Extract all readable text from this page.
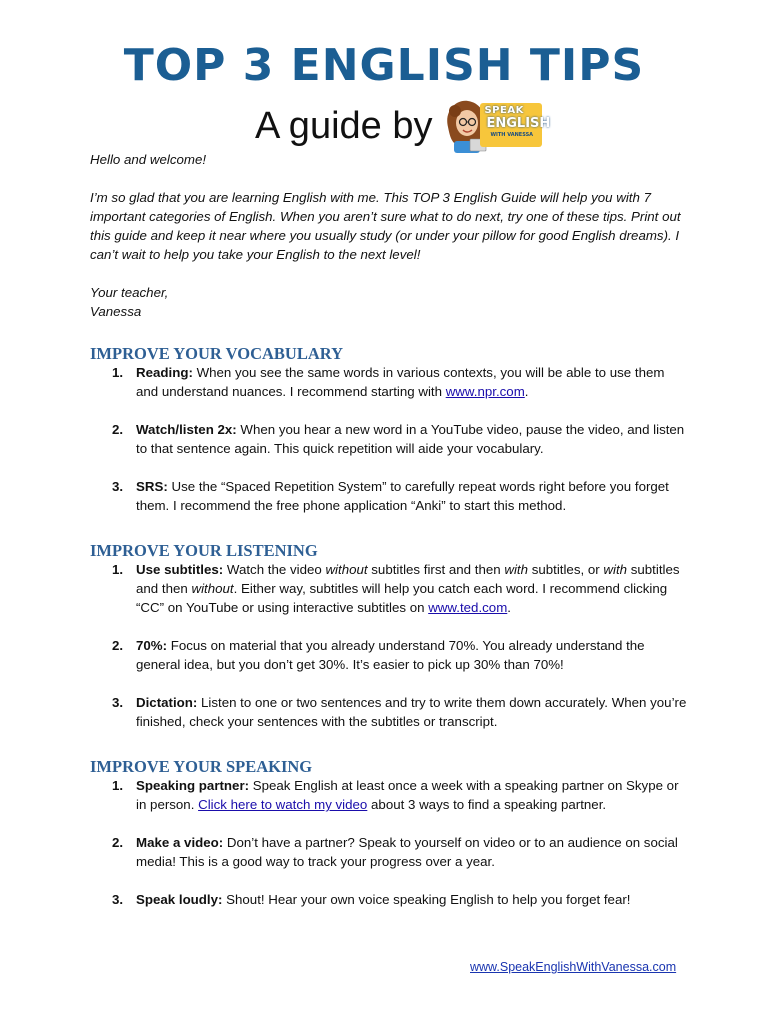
TOP 3 ENGLISH TIPS
A guide by	SPEAK
ENGLISH
WITH VANESSA

Hello and welcome!

I’m so glad that you are learning English with me. This TOP 3 English Guide will help you with 7 important categories of English. When you aren’t sure what to do next, try one of these tips. Print out this guide and keep it near where you usually study (or under your pillow for good English dreams). I can’t wait to help you take your English to the next level!

Your teacher,

Vanessa

IMPROVE YOUR VOCABULARY
1. Reading: When you see the same words in various contexts, you will be able to use them and understand nuances. I recommend starting with www.npr.com.
2. Watch/listen 2x: When you hear a new word in a YouTube video, pause the video, and listen to that sentence again. This quick repetition will aide your vocabulary.
3. SRS: Use the “Spaced Repetition System” to carefully repeat words right before you forget them. I recommend the free phone application “Anki” to start this method.
IMPROVE YOUR LISTENING
1. Use subtitles: Watch the video without subtitles first and then with subtitles, or with subtitles and then without. Either way, subtitles will help you catch each word. I recommend clicking “CC” on YouTube or using interactive subtitles on www.ted.com.
2. 70%: Focus on material that you already understand 70%. You already understand the general idea, but you don’t get 30%. It’s easier to pick up 30% than 70%!
3. Dictation: Listen to one or two sentences and try to write them down accurately. When you’re finished, check your sentences with the subtitles or transcript.
IMPROVE YOUR SPEAKING
1. Speaking partner: Speak English at least once a week with a speaking partner on Skype or in person. Click here to watch my video about 3 ways to find a speaking partner.
2. Make a video: Don’t have a partner? Speak to yourself on video or to an audience on social media! This is a good way to track your progress over a year.
3. Speak loudly: Shout! Hear your own voice speaking English to help you forget fear!
www.SpeakEnglishWithVanessa.com
